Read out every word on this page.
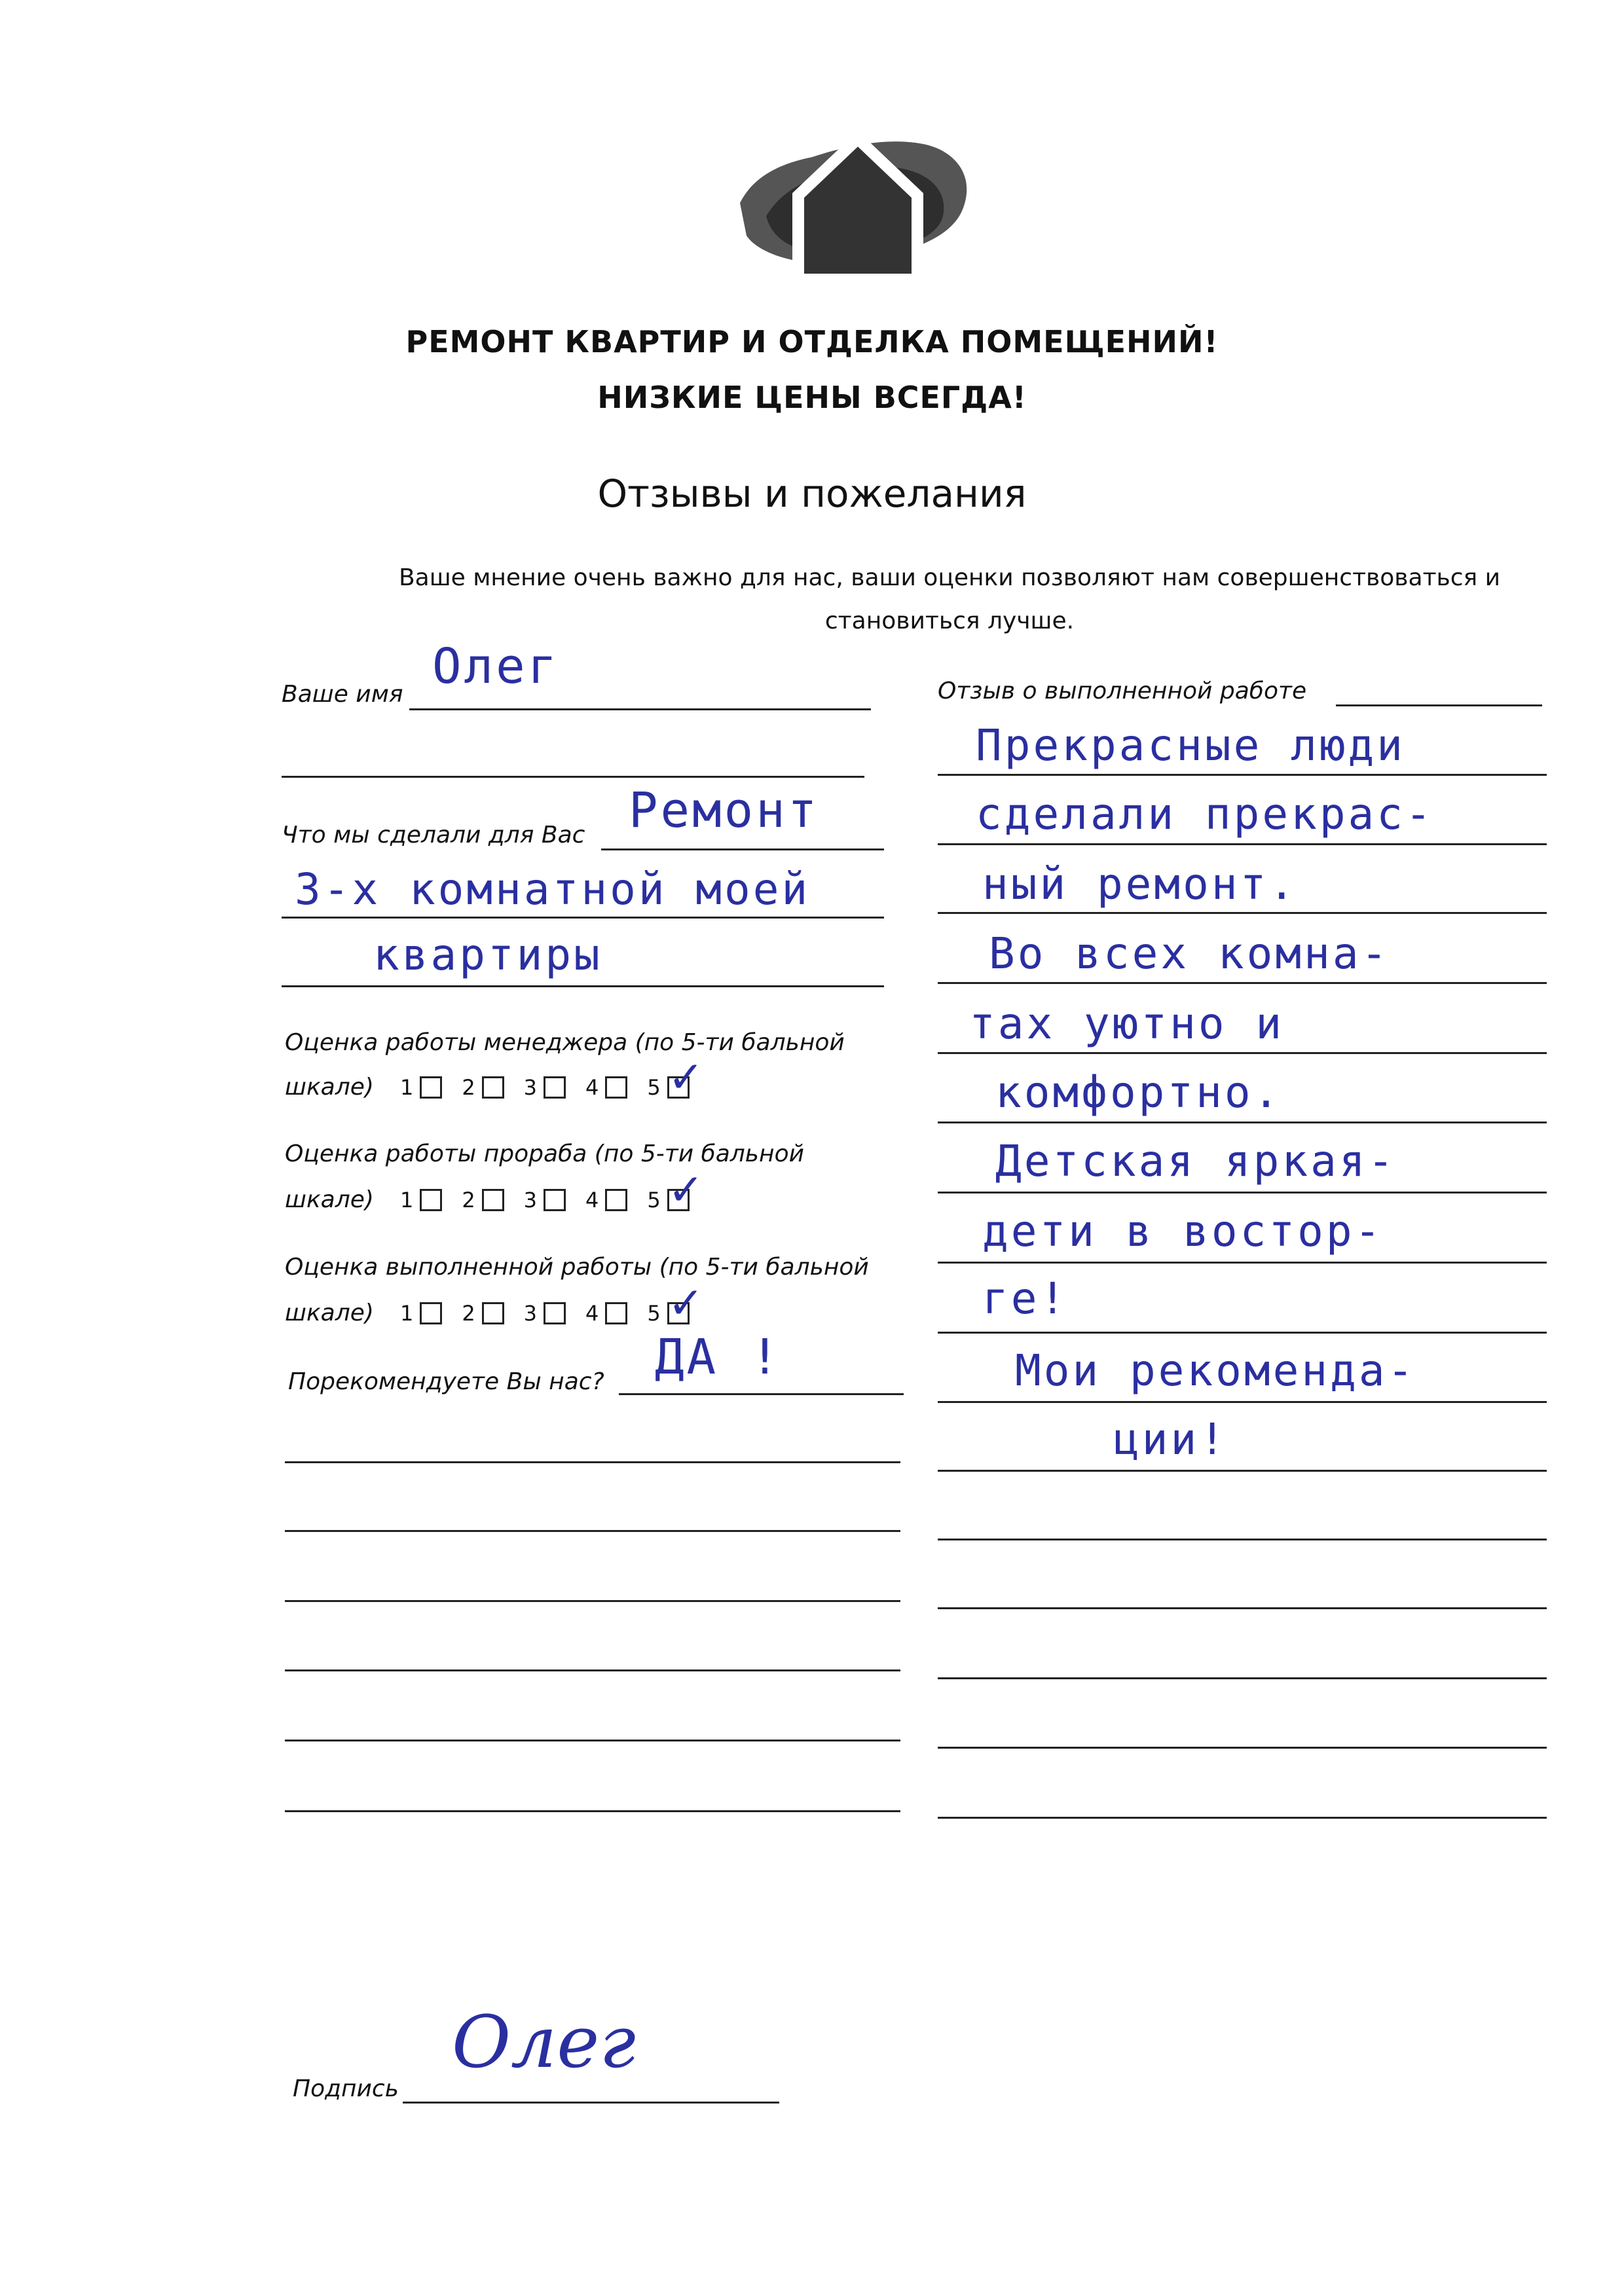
РЕМОНТ КВАРТИР И ОТДЕЛКА ПОМЕЩЕНИЙ!
НИЗКИЕ ЦЕНЫ ВСЕГДА!
Отзывы и пожелания
Ваше мнение очень важно для нас, ваши оценки позволяют нам совершенствоваться и
становиться лучше.
Ваше имя Олег
Что мы сделали для Вас Ремонт
3-х комнатной моей
квартиры
Оценка работы менеджера (по 5-ти бальной
шкале) 1 2 3 4 5 ✓
Оценка работы прораба (по 5-ти бальной
шкале) 1 2 3 4 5 ✓
Оценка выполненной работы (по 5-ти бальной
шкале) 1 2 3 4 5 ✓
Порекомендуете Вы нас? ДА !
Отзыв о выполненной работе
Прекрасные люди
сделали прекрас-
ный ремонт.
Во всех комна-
тах уютно и
комфортно.
Детская яркая-
дети в востор-
ге!
Мои рекоменда-
ции!
Подпись
Олег
